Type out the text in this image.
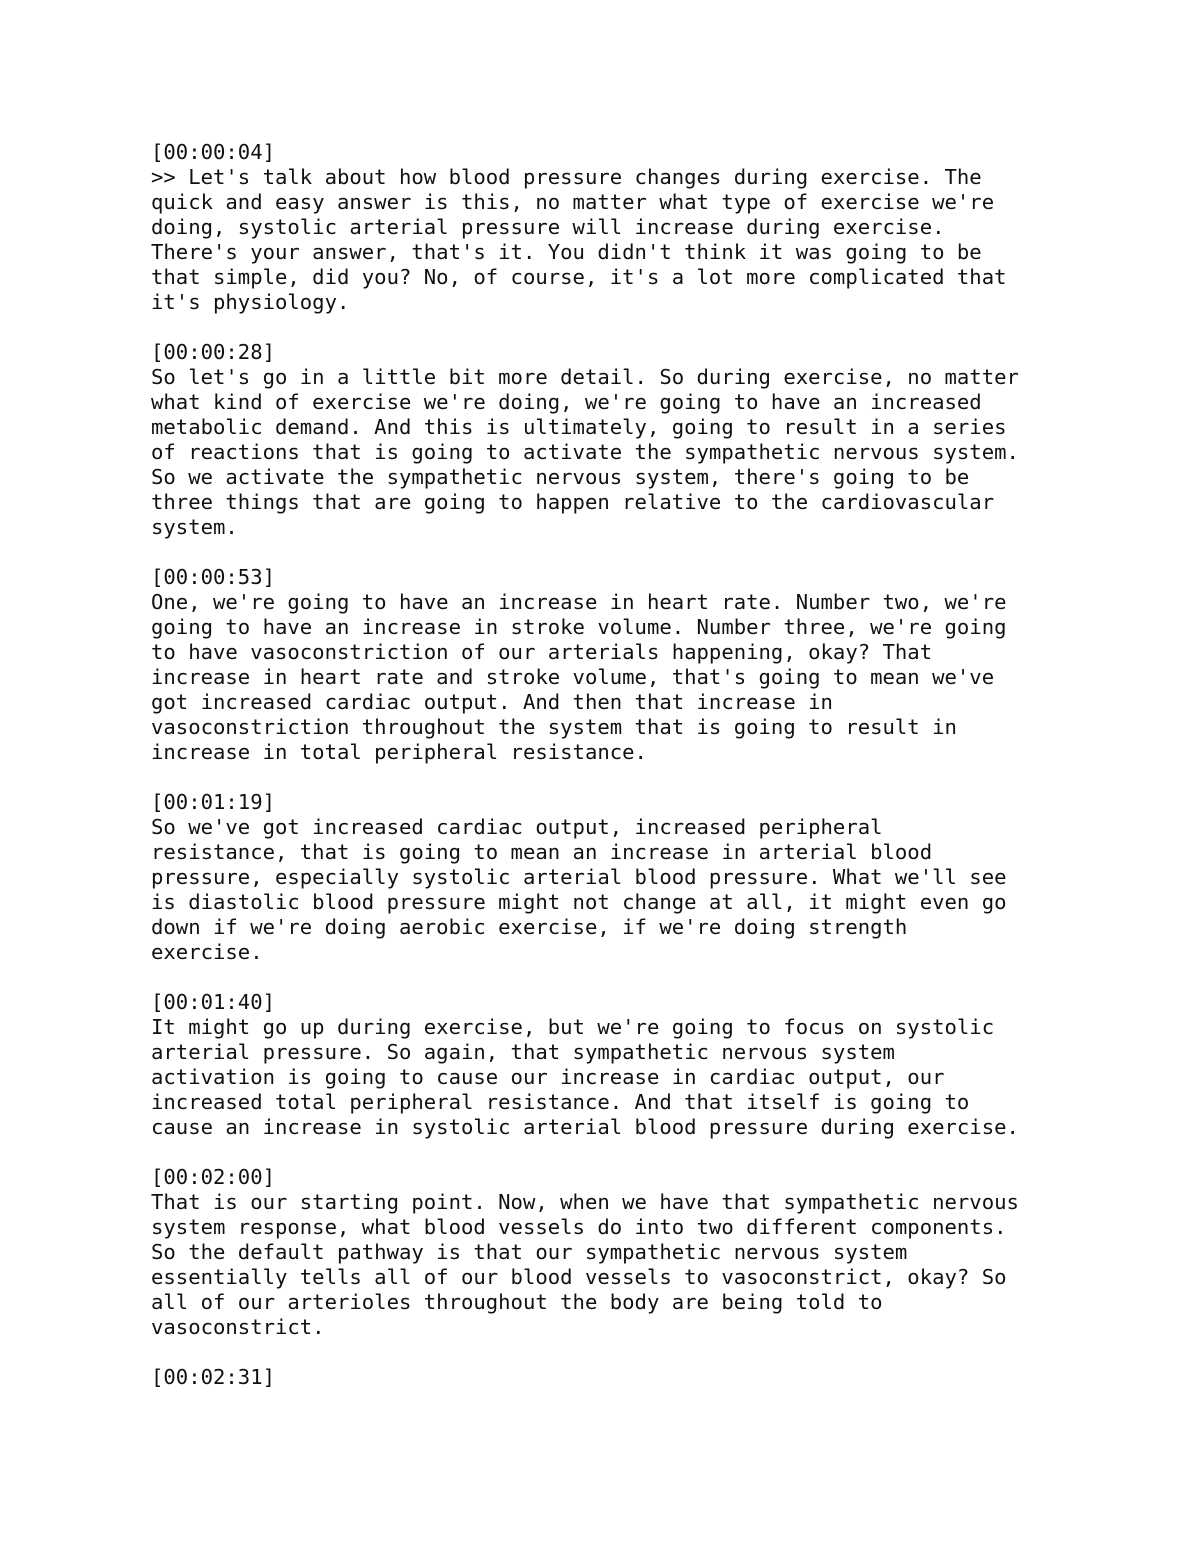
[00:00:04]
>> Let's talk about how blood pressure changes during exercise. The
quick and easy answer is this, no matter what type of exercise we're
doing, systolic arterial pressure will increase during exercise.
There's your answer, that's it. You didn't think it was going to be
that simple, did you? No, of course, it's a lot more complicated that
it's physiology.
[00:00:28]
So let's go in a little bit more detail. So during exercise, no matter
what kind of exercise we're doing, we're going to have an increased
metabolic demand. And this is ultimately, going to result in a series
of reactions that is going to activate the sympathetic nervous system.
So we activate the sympathetic nervous system, there's going to be
three things that are going to happen relative to the cardiovascular
system.
[00:00:53]
One, we're going to have an increase in heart rate. Number two, we're
going to have an increase in stroke volume. Number three, we're going
to have vasoconstriction of our arterials happening, okay? That
increase in heart rate and stroke volume, that's going to mean we've
got increased cardiac output. And then that increase in
vasoconstriction throughout the system that is going to result in
increase in total peripheral resistance.
[00:01:19]
So we've got increased cardiac output, increased peripheral
resistance, that is going to mean an increase in arterial blood
pressure, especially systolic arterial blood pressure. What we'll see
is diastolic blood pressure might not change at all, it might even go
down if we're doing aerobic exercise, if we're doing strength
exercise.
[00:01:40]
It might go up during exercise, but we're going to focus on systolic
arterial pressure. So again, that sympathetic nervous system
activation is going to cause our increase in cardiac output, our
increased total peripheral resistance. And that itself is going to
cause an increase in systolic arterial blood pressure during exercise.
[00:02:00]
That is our starting point. Now, when we have that sympathetic nervous
system response, what blood vessels do into two different components.
So the default pathway is that our sympathetic nervous system
essentially tells all of our blood vessels to vasoconstrict, okay? So
all of our arterioles throughout the body are being told to
vasoconstrict.
[00:02:31]
